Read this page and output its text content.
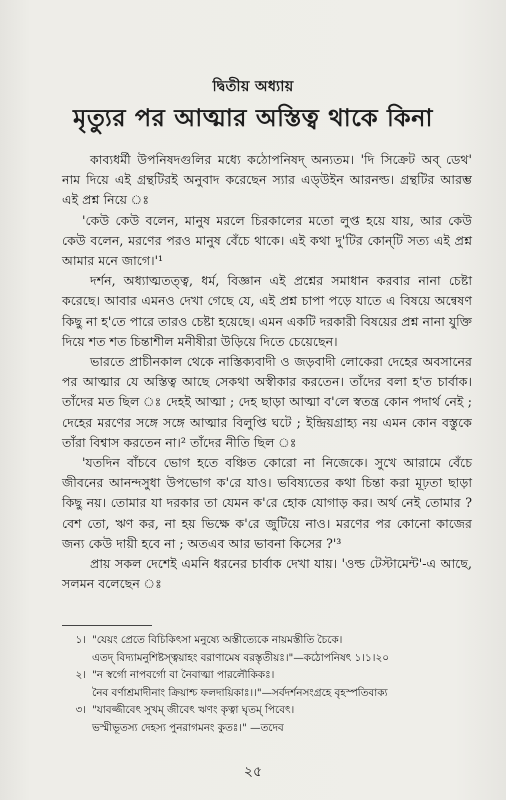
দ্বিতীয় অধ্যায়
মৃত্যুর পর আত্মার অস্তিত্ব থাকে কিনা

কাব্যধর্মী উপনিষদগুলির মধ্যে কঠোপনিষদ্ অন্যতম। 'দি সিক্রেট অব্ ডেথ' নাম দিয়ে এই গ্রন্থটিরই অনুবাদ করেছেন স্যার এড্‌উইন আরনল্ড। গ্রন্থটির আরম্ভ এই প্রশ্ন নিয়ে ঃ

'কেউ কেউ বলেন, মানুষ মরলে চিরকালের মতো লুপ্ত হয়ে যায়, আর কেউ কেউ বলেন, মরণের পরও মানুষ বেঁচে থাকে। এই কথা দু'টির কোন্‌টি সত্য এই প্রশ্ন আমার মনে জাগে।'¹

দর্শন, অধ্যাত্মতত্ত্ব, ধর্ম, বিজ্ঞান এই প্রশ্নের সমাধান করবার নানা চেষ্টা করেছে। আবার এমনও দেখা গেছে যে, এই প্রশ্ন চাপা পড়ে যাতে এ বিষয়ে অন্বেষণ কিছু না হ'তে পারে তারও চেষ্টা হয়েছে। এমন একটি দরকারী বিষয়ের প্রশ্ন নানা যুক্তি দিয়ে শত শত চিন্তাশীল মনীষীরা উড়িয়ে দিতে চেয়েছেন।

ভারতে প্রাচীনকাল থেকে নাস্তিক্যবাদী ও জড়বাদী লোকেরা দেহের অবসানের পর আত্মার যে অস্তিত্ব আছে সেকথা অস্বীকার করতেন। তাঁদের বলা হ'ত চার্বাক। তাঁদের মত ছিল ঃ দেহই আত্মা ; দেহ ছাড়া আত্মা ব'লে স্বতন্ত্র কোন পদার্থ নেই ; দেহের মরণের সঙ্গে সঙ্গে আত্মার বিলুপ্তি ঘটে ; ইন্দ্রিয়গ্রাহ্য নয় এমন কোন বস্তুকে তাঁরা বিশ্বাস করতেন না।² তাঁদের নীতি ছিল ঃ

'যতদিন বাঁচবে ভোগ হতে বঞ্চিত কোরো না নিজেকে। সুখে আরামে বেঁচে জীবনের আনন্দসুধা উপভোগ ক'রে যাও। ভবিষ্যতের কথা চিন্তা করা মূঢ়তা ছাড়া কিছু নয়। তোমার যা দরকার তা যেমন ক'রে হোক যোগাড় কর। অর্থ নেই তোমার ? বেশ তো, ঋণ কর, না হয় ভিক্ষে ক'রে জুটিয়ে নাও। মরণের পর কোনো কাজের জন্য কেউ দায়ী হবে না ; অতএব আর ভাবনা কিসের ?'³

প্রায় সকল দেশেই এমনি ধরনের চার্বাক দেখা যায়। 'ওল্ড টেস্টামেন্ট'-এ আছে, সলমন বলেছেন ঃ

১। "যেয়ং প্রেতে বিচিকিৎসা মনুষ্যে অস্তীত্যেকে নায়মস্তীতি চৈকে।
এতদ্ বিদ্যামনুশিষ্টস্ত্বয়াহং বরাণামেষ বরস্তৃতীয়ঃ।"—কঠোপনিষৎ ১।১।২০
২। "ন স্বর্গো নাপবর্গো বা নৈবাত্মা পারলৌকিকঃ।
নৈব বর্ণাশ্রমাদীনাং ক্রিয়াশ্চ ফলদায়িকাঃ।।"—সর্বদর্শনসংগ্রহে বৃহস্পতিবাক্য
৩। "যাবজ্জীবেৎ সুখম্ জীবেৎ ঋণং কৃত্বা ঘৃতম্ পিবেৎ।
ভস্মীভূতস্য দেহস্য পুনরাগমনং কুতঃ।" —তদেব
২৫
